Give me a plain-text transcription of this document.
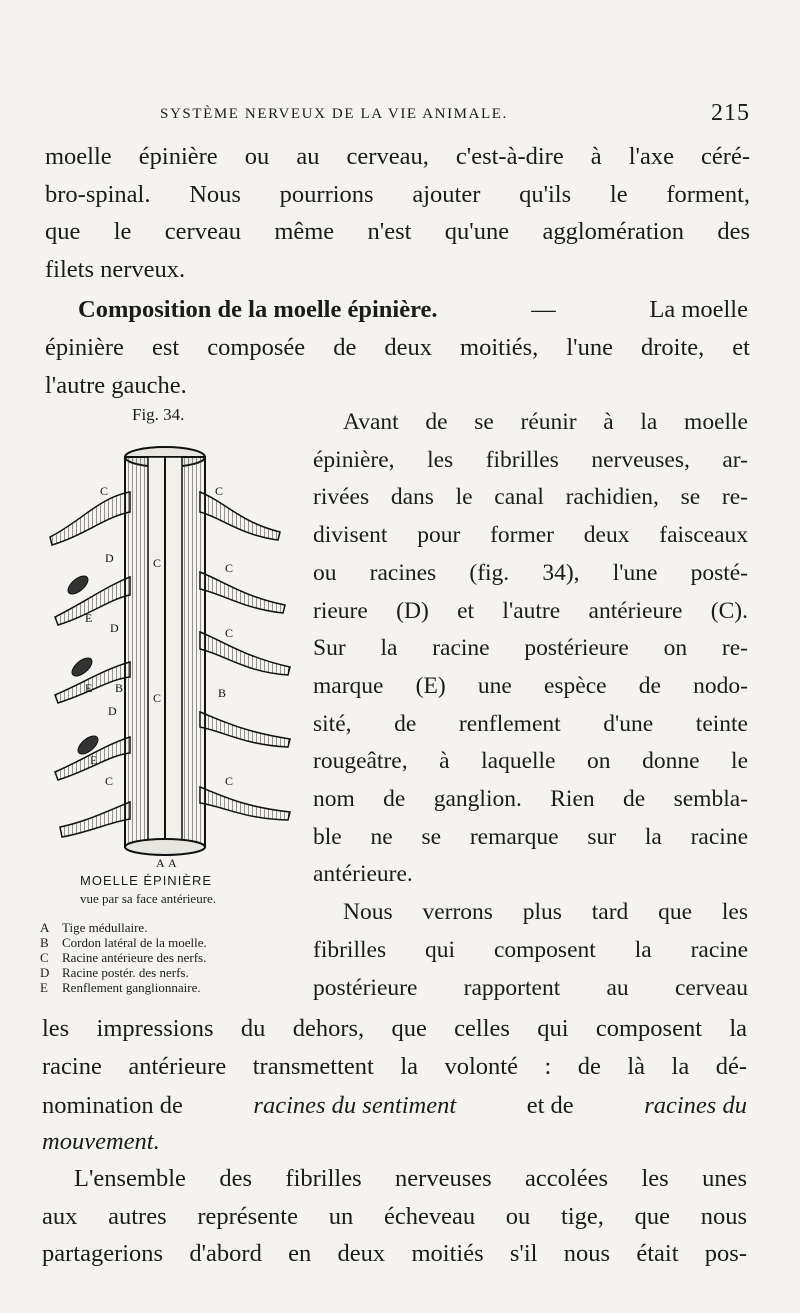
SYSTÈME NERVEUX DE LA VIE ANIMALE.	215
moelle épinière ou au cerveau, c'est-à-dire à l'axe céré-
bro-spinal. Nous pourrions ajouter qu'ils le forment,
que le cerveau même n'est qu'une agglomération des
filets nerveux.
Composition de la moelle épinière.	—	La moelle
épinière est composée de deux moitiés, l'une droite, et
l'autre gauche.
Fig. 34.
C	C
D	C	C
E
D	C
E B
C	B
D
E
C	C
A A
MOELLE ÉPINIÈRE
vue par sa face antérieure.
A Tige médullaire.
B	Cordon latéral de la moelle.
C	Racine antérieure des nerfs.
D Racine postér. des nerfs.
E	Renflement ganglionnaire.
Avant de se réunir à la moelle
épinière, les fibrilles nerveuses, ar-
rivées dans le canal rachidien, se re-
divisent pour former deux faisceaux
ou racines (fig. 34), l'une posté-
rieure (D) et l'autre antérieure (C).
Sur la racine postérieure on re-
marque (E) une espèce de nodo-
sité, de renflement d'une teinte
rougeâtre, à laquelle on donne le
nom de ganglion. Rien de sembla-
ble ne se remarque sur la racine
antérieure.
Nous verrons plus tard que les
fibrilles qui composent la racine
postérieure rapportent au cerveau
les impressions du dehors, que celles qui composent la
racine antérieure transmettent la volonté : de là la dé-
nomination de	racines du sentiment	et de	racines du
mouvement.
L'ensemble des fibrilles nerveuses accolées les unes
aux autres représente un écheveau ou tige, que nous
partagerions d'abord en deux moitiés s'il nous était pos-
